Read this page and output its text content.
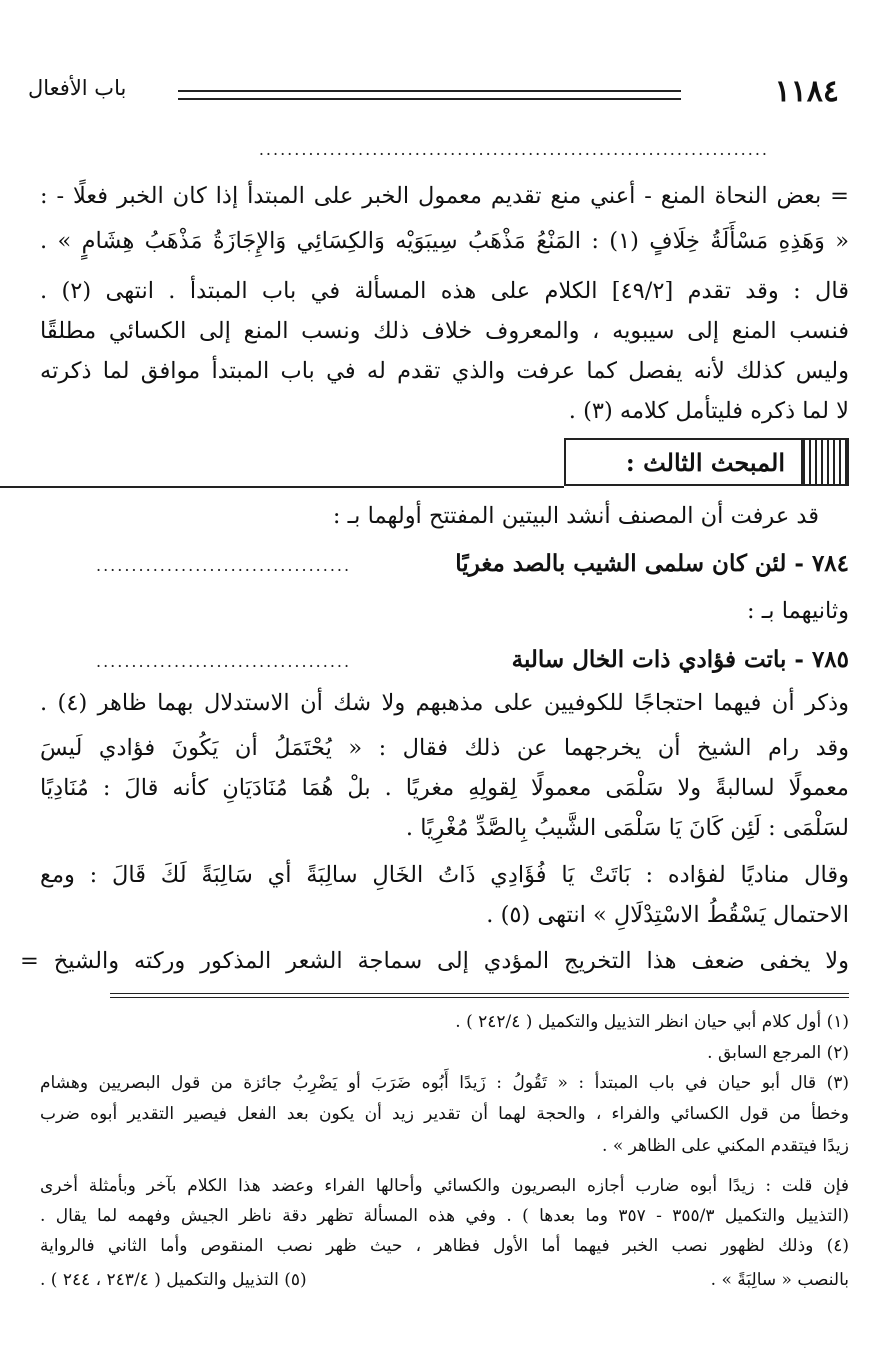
١١٨٤
باب الأفعال
........................................................................
= بعض النحاة المنع - أعني منع تقديم معمول الخبر على المبتدأ إذا كان الخبر فعلًا - :
« وَهَذِهِ مَسْأَلَةُ خِلَافٍ (١) : المَنْعُ مَذْهَبُ سِيبَوَيْه وَالكِسَائِي وَالإِجَازَةُ مَذْهَبُ هِشَامٍ » .
قال : وقد تقدم [٤٩/٢] الكلام على هذه المسألة في باب المبتدأ . انتهى (٢) .
فنسب المنع إلى سيبويه ، والمعروف خلاف ذلك ونسب المنع إلى الكسائي مطلقًا
وليس كذلك لأنه يفصل كما عرفت والذي تقدم له في باب المبتدأ موافق لما ذكرته
لا لما ذكره فليتأمل كلامه (٣) .
المبحث الثالث :
قد عرفت أن المصنف أنشد البيتين المفتتح أولهما بـ :
٧٨٤ - لئن كان سلمى الشيب بالصد مغريًا
....................................
وثانيهما بـ :
٧٨٥ - باتت فؤادي ذات الخال سالبة
....................................
وذكر أن فيهما احتجاجًا للكوفيين على مذهبهم ولا شك أن الاستدلال بهما ظاهر (٤) .
وقد رام الشيخ أن يخرجهما عن ذلك فقال : « يُحْتَمَلُ أن يَكُونَ فؤادي لَيسَ
معمولًا لسالبةً ولا سَلْمَى معمولًا لِقولِهِ مغريًا . بلْ هُمَا مُنَادَيَانِ كأنه قالَ : مُنَادِيًا
لسَلْمَى : لَئِن كَانَ يَا سَلْمَى الشَّيبُ بِالصَّدِّ مُغْرِيًا .
وقال مناديًا لفؤاده : بَاتَتْ يَا فُؤَادِي ذَاتُ الخَالِ سالِبَةً أي سَالِبَةً لَكَ قَالَ : ومع
الاحتمال يَسْقُطُ الاسْتِدْلَالِ » انتهى (٥) .
ولا يخفى ضعف هذا التخريج المؤدي إلى سماجة الشعر المذكور وركته والشيخ =
(١) أول كلام أبي حيان انظر التذييل والتكميل ( ٢٤٢/٤ ) .
(٢) المرجع السابق .
(٣) قال أبو حيان في باب المبتدأ : « تَقُولُ : زَيدًا أَبُوه ضَرَبَ أو يَضْرِبُ جائزة من قول البصريين وهشام
وخطأ من قول الكسائي والفراء ، والحجة لهما أن تقدير زيد أن يكون بعد الفعل فيصير التقدير أبوه ضرب
زيدًا فيتقدم المكني على الظاهر » .
فإن قلت : زيدًا أبوه ضارب أجازه البصريون والكسائي وأحالها الفراء وعضد هذا الكلام بآخر وبأمثلة أخرى
(التذييل والتكميل ٣٥٥/٣ - ٣٥٧ وما بعدها ) . وفي هذه المسألة تظهر دقة ناظر الجيش وفهمه لما يقال .
(٤) وذلك لظهور نصب الخبر فيهما أما الأول فظاهر ، حيث ظهر نصب المنقوص وأما الثاني فالرواية
بالنصب « سالِبَةً » .
(٥) التذييل والتكميل ( ٢٤٣/٤ ، ٢٤٤ ) .
